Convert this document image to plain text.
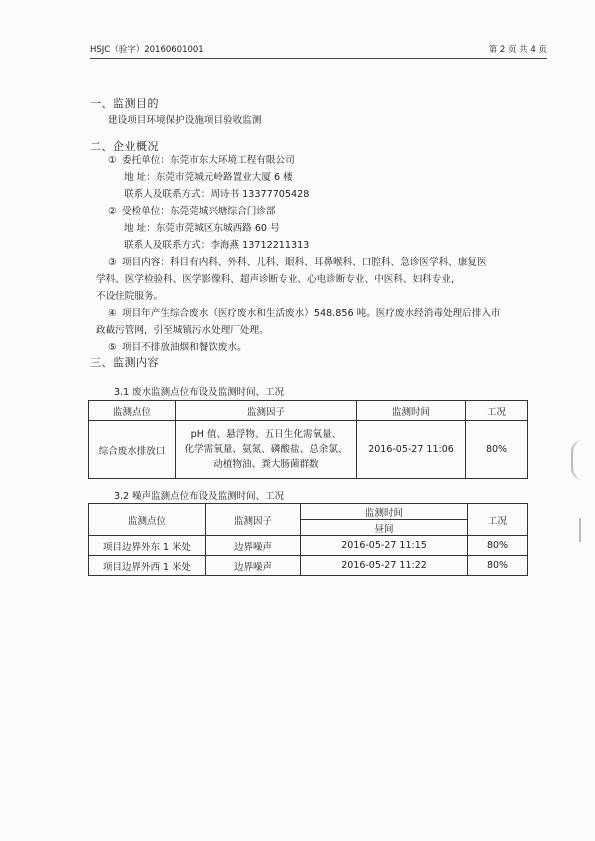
HSJC（验字）20160601001	第 2 页 共 4 页
一、监测目的
建设项目环境保护设施项目验收监测
二、企业概况
① 委托单位：东莞市东大环境工程有限公司
地 址：东莞市莞城元岭路置业大厦 6 楼
联系人及联系方式：周诗书 13377705428
② 受检单位：东莞莞城兴塘综合门诊部
地 址：东莞市莞城区东城西路 60 号
联系人及联系方式：李海燕 13712211313
③ 项目内容：科目有内科、外科、儿科、眼科、耳鼻喉科、口腔科、急诊医学科、康复医
学科、医学检验科、医学影像科、超声诊断专业、心电诊断专业、中医科、妇科专业，
不设住院服务。
④ 项目年产生综合废水（医疗废水和生活废水）548.856 吨。医疗废水经消毒处理后排入市
政截污管网，引至城镇污水处理厂处理。
⑤ 项目不排放油烟和餐饮废水。
三、监测内容
3.1 废水监测点位布设及监测时间、工况
监测点位	监测因子	监测时间	工况
综合废水排放口	pH 值、悬浮物、五日生化需氧量、
化学需氧量、氨氮、磷酸盐、总余氯、
动植物油、粪大肠菌群数	2016-05-27 11:06	80%
3.2 噪声监测点位布设及监测时间、工况
监测点位	监测因子	监测时间	工况
		昼间	
项目边界外东 1 米处	边界噪声	2016-05-27 11:15	80%
项目边界外西 1 米处	边界噪声	2016-05-27 11:22	80%
